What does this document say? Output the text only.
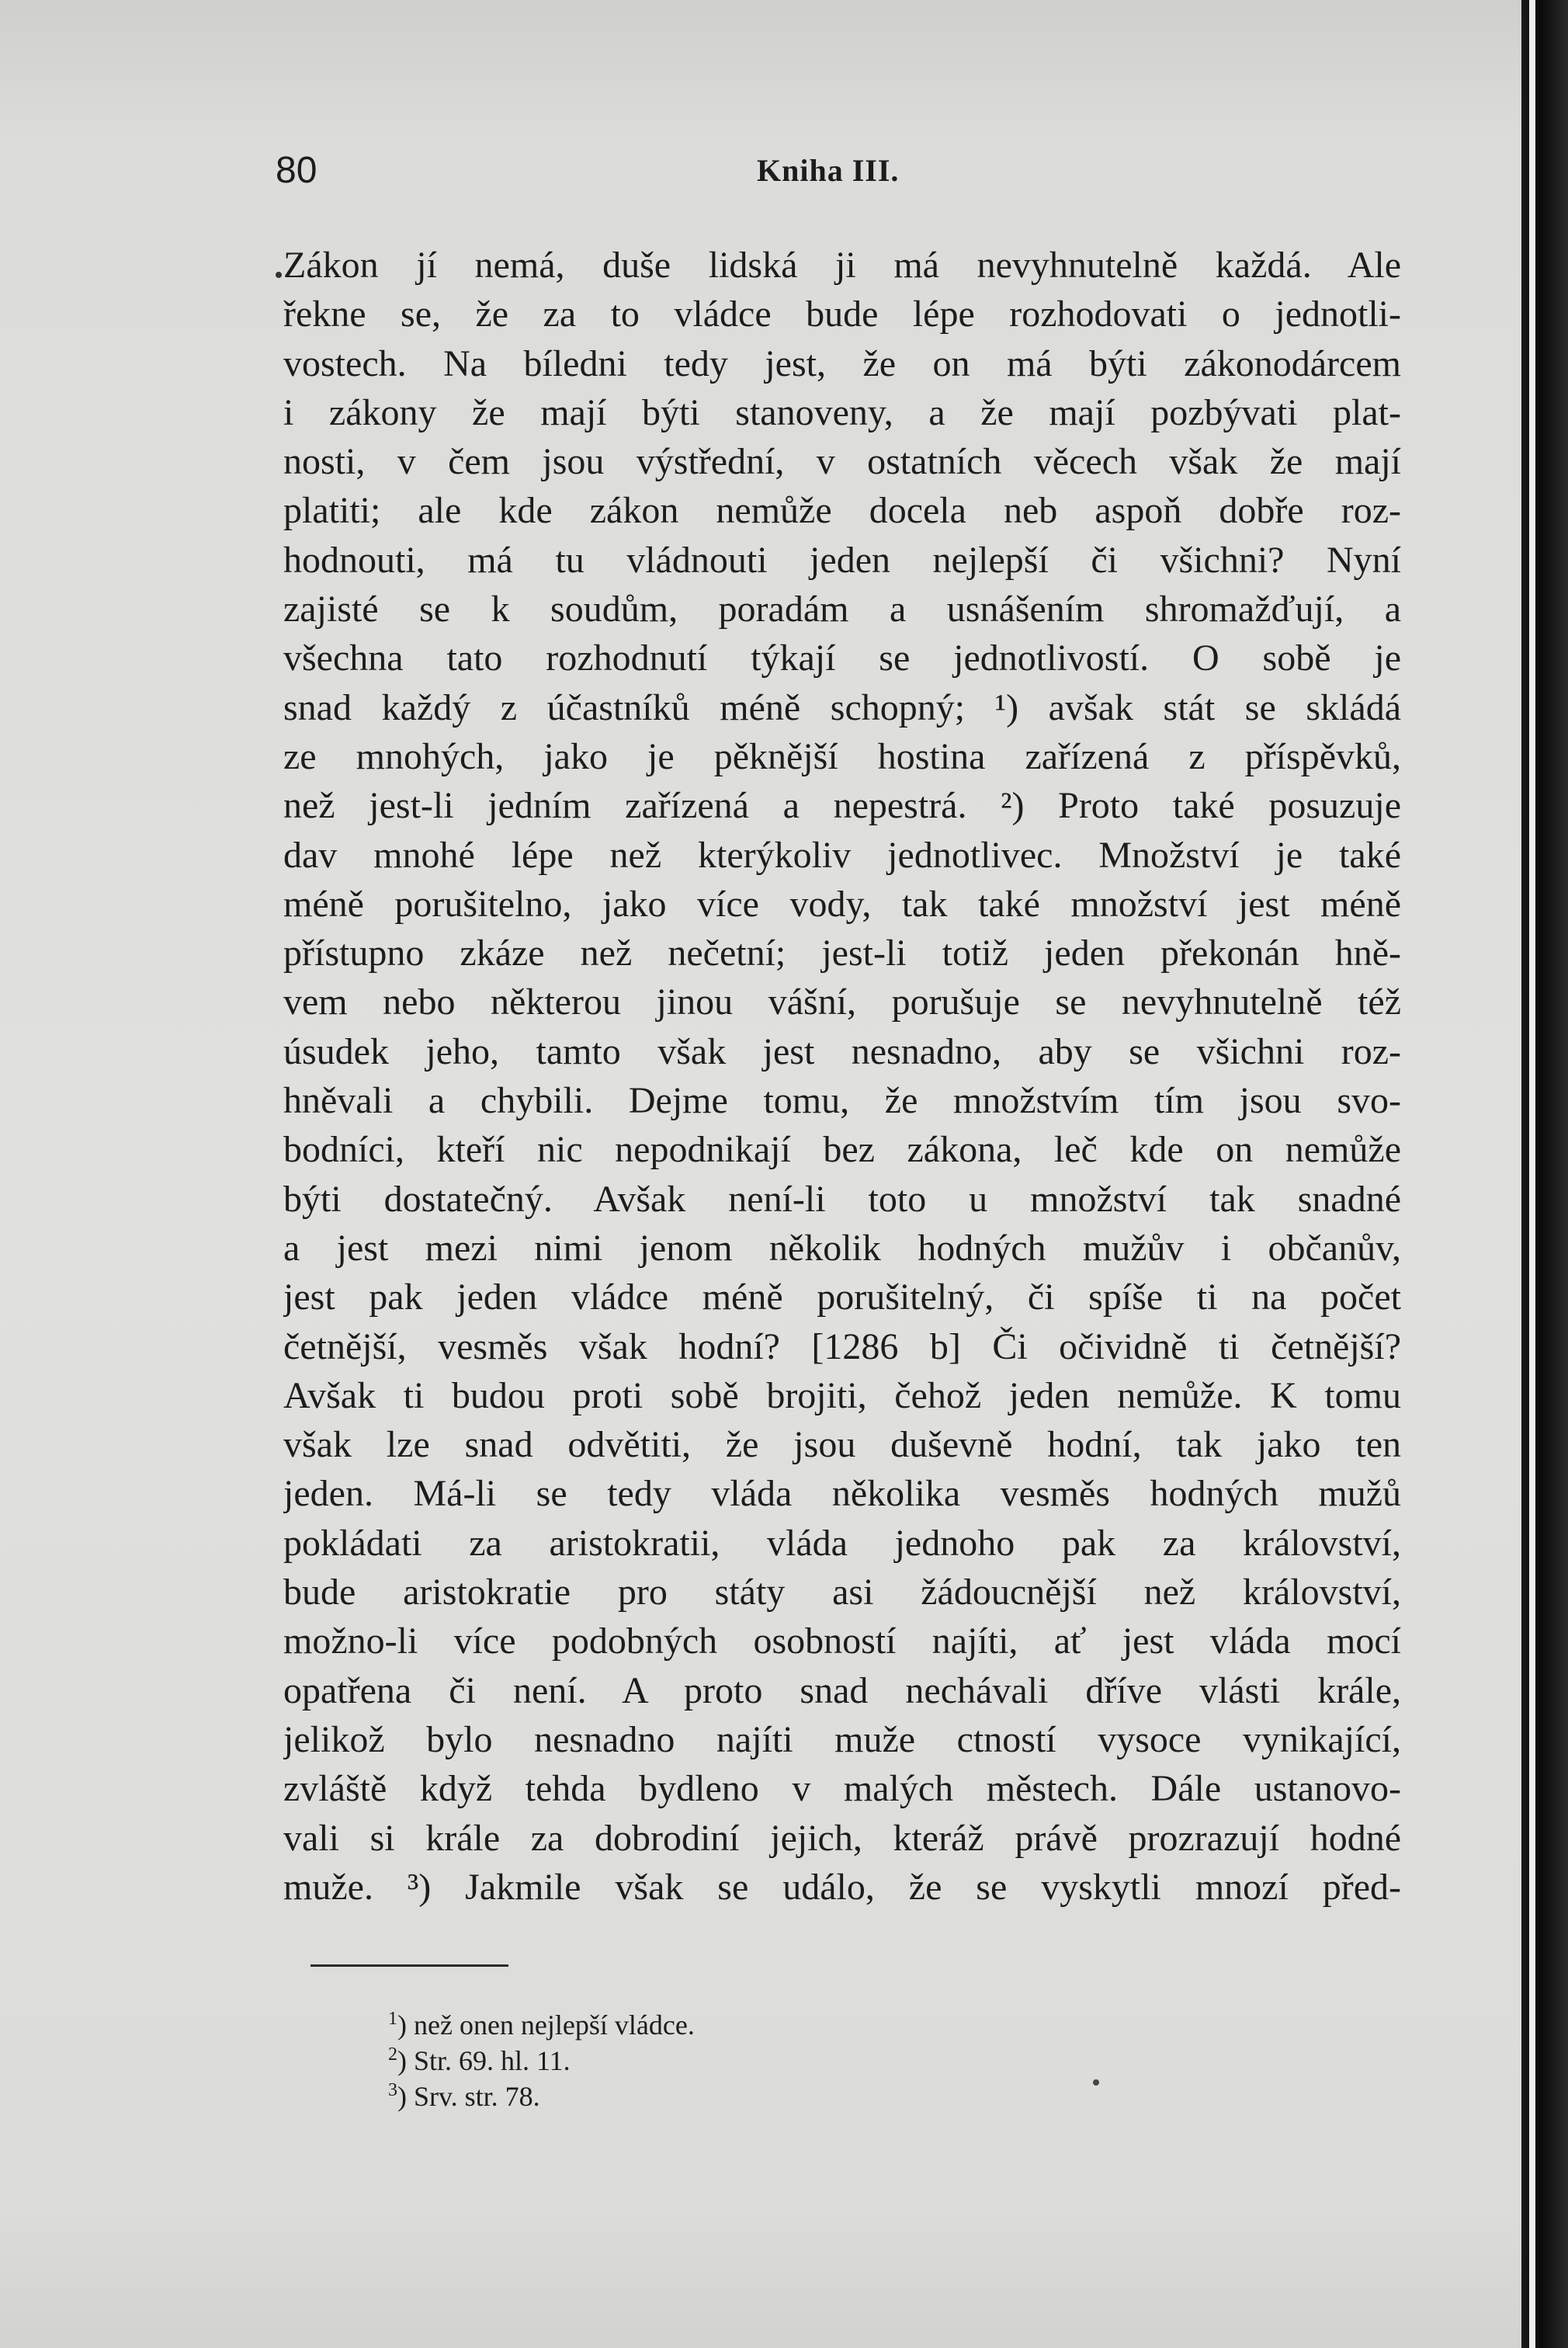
80	Kniha III.
Zákon jí nemá, duše lidská ji má nevyhnutelně každá. Ale
řekne se, že za to vládce bude lépe rozhodovati o jednotli-
vostech. Na bíledni tedy jest, že on má býti zákonodárcem
i zákony že mají býti stanoveny, a že mají pozbývati plat-
nosti, v čem jsou výstřední, v ostatních věcech však že mají
platiti; ale kde zákon nemůže docela neb aspoň dobře roz-
hodnouti, má tu vládnouti jeden nejlepší či všichni? Nyní
zajisté se k soudům, poradám a usnášením shromažďují, a
všechna tato rozhodnutí týkají se jednotlivostí. O sobě je
snad každý z účastníků méně schopný; ¹) avšak stát se skládá
ze mnohých, jako je pěknější hostina zařízená z příspěvků,
než jest-li jedním zařízená a nepestrá. ²) Proto také posuzuje
dav mnohé lépe než kterýkoliv jednotlivec. Množství je také
méně porušitelno, jako více vody, tak také množství jest méně
přístupno zkáze než nečetní; jest-li totiž jeden překonán hně-
vem nebo některou jinou vášní, porušuje se nevyhnutelně též
úsudek jeho, tamto však jest nesnadno, aby se všichni roz-
hněvali a chybili. Dejme tomu, že množstvím tím jsou svo-
bodníci, kteří nic nepodnikají bez zákona, leč kde on nemůže
býti dostatečný. Avšak není-li toto u množství tak snadné
a jest mezi nimi jenom několik hodných mužův i občanův,
jest pak jeden vládce méně porušitelný, či spíše ti na počet
četnější, vesměs však hodní? [1286 b] Či očividně ti četnější?
Avšak ti budou proti sobě brojiti, čehož jeden nemůže. K tomu
však lze snad odvětiti, že jsou duševně hodní, tak jako ten
jeden. Má-li se tedy vláda několika vesměs hodných mužů
pokládati za aristokratii, vláda jednoho pak za království,
bude aristokratie pro státy asi žádoucnější než království,
možno-li více podobných osobností najíti, ať jest vláda mocí
opatřena či není. A proto snad nechávali dříve vlásti krále,
jelikož bylo nesnadno najíti muže ctností vysoce vynikající,
zvláště když tehda bydleno v malých městech. Dále ustanovo-
vali si krále za dobrodiní jejich, kteráž právě prozrazují hodné
muže. ³) Jakmile však se událo, že se vyskytli mnozí před-
$^1$) než onen nejlepší vládce.
$^2$) Str. 69. hl. 11.
$^3$) Srv. str. 78.
